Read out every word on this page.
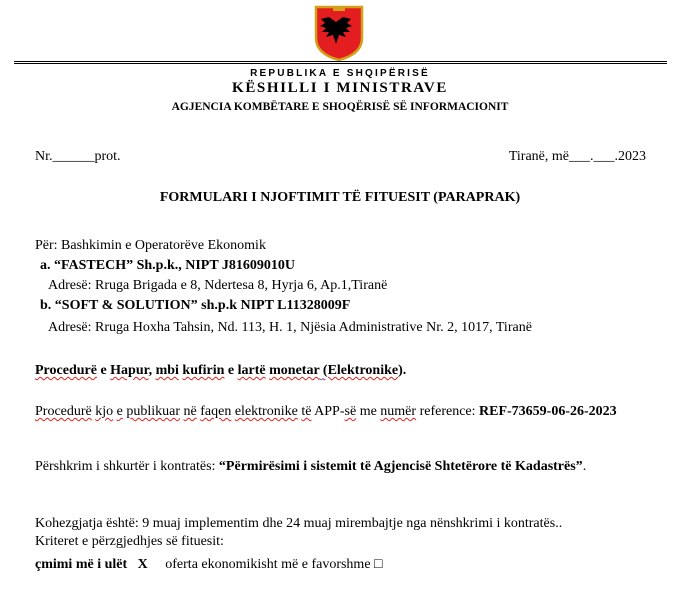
REPUBLIKA E SHQIPËRISË
KËSHILLI I MINISTRAVE
AGJENCIA KOMBËTARE E SHOQËRISË SË INFORMACIONIT
Nr.______prot.	Tiranë, më___.___.2023
FORMULARI I NJOFTIMIT TË FITUESIT (PARAPRAK)
Për: Bashkimin e Operatorëve Ekonomik
a. “FASTECH” Sh.p.k., NIPT J81609010U
Adresë: Rruga Brigada e 8, Ndertesa 8, Hyrja 6, Ap.1,Tiranë
b. “SOFT & SOLUTION” sh.p.k NIPT L11328009F
Adresë: Rruga Hoxha Tahsin, Nd. 113, H. 1, Njësia Administrative Nr. 2, 1017, Tiranë
Procedurë e Hapur, mbi kufirin e lartë monetar (Elektronike).
Procedurë kjo e publikuar në faqen elektronike të APP-së me numër reference: REF-73659-06-26-2023
Përshkrim i shkurtër i kontratës: “Përmirësimi i sistemit të Agjencisë Shtetërore të Kadastrës”.
Kohezgjatja është: 9 muaj implementim dhe 24 muaj mirembajtje nga nënshkrimi i kontratës..
Kriteret e përzgjedhjes së fituesit:
çmimi më i ulët X oferta ekonomikisht më e favorshme □
